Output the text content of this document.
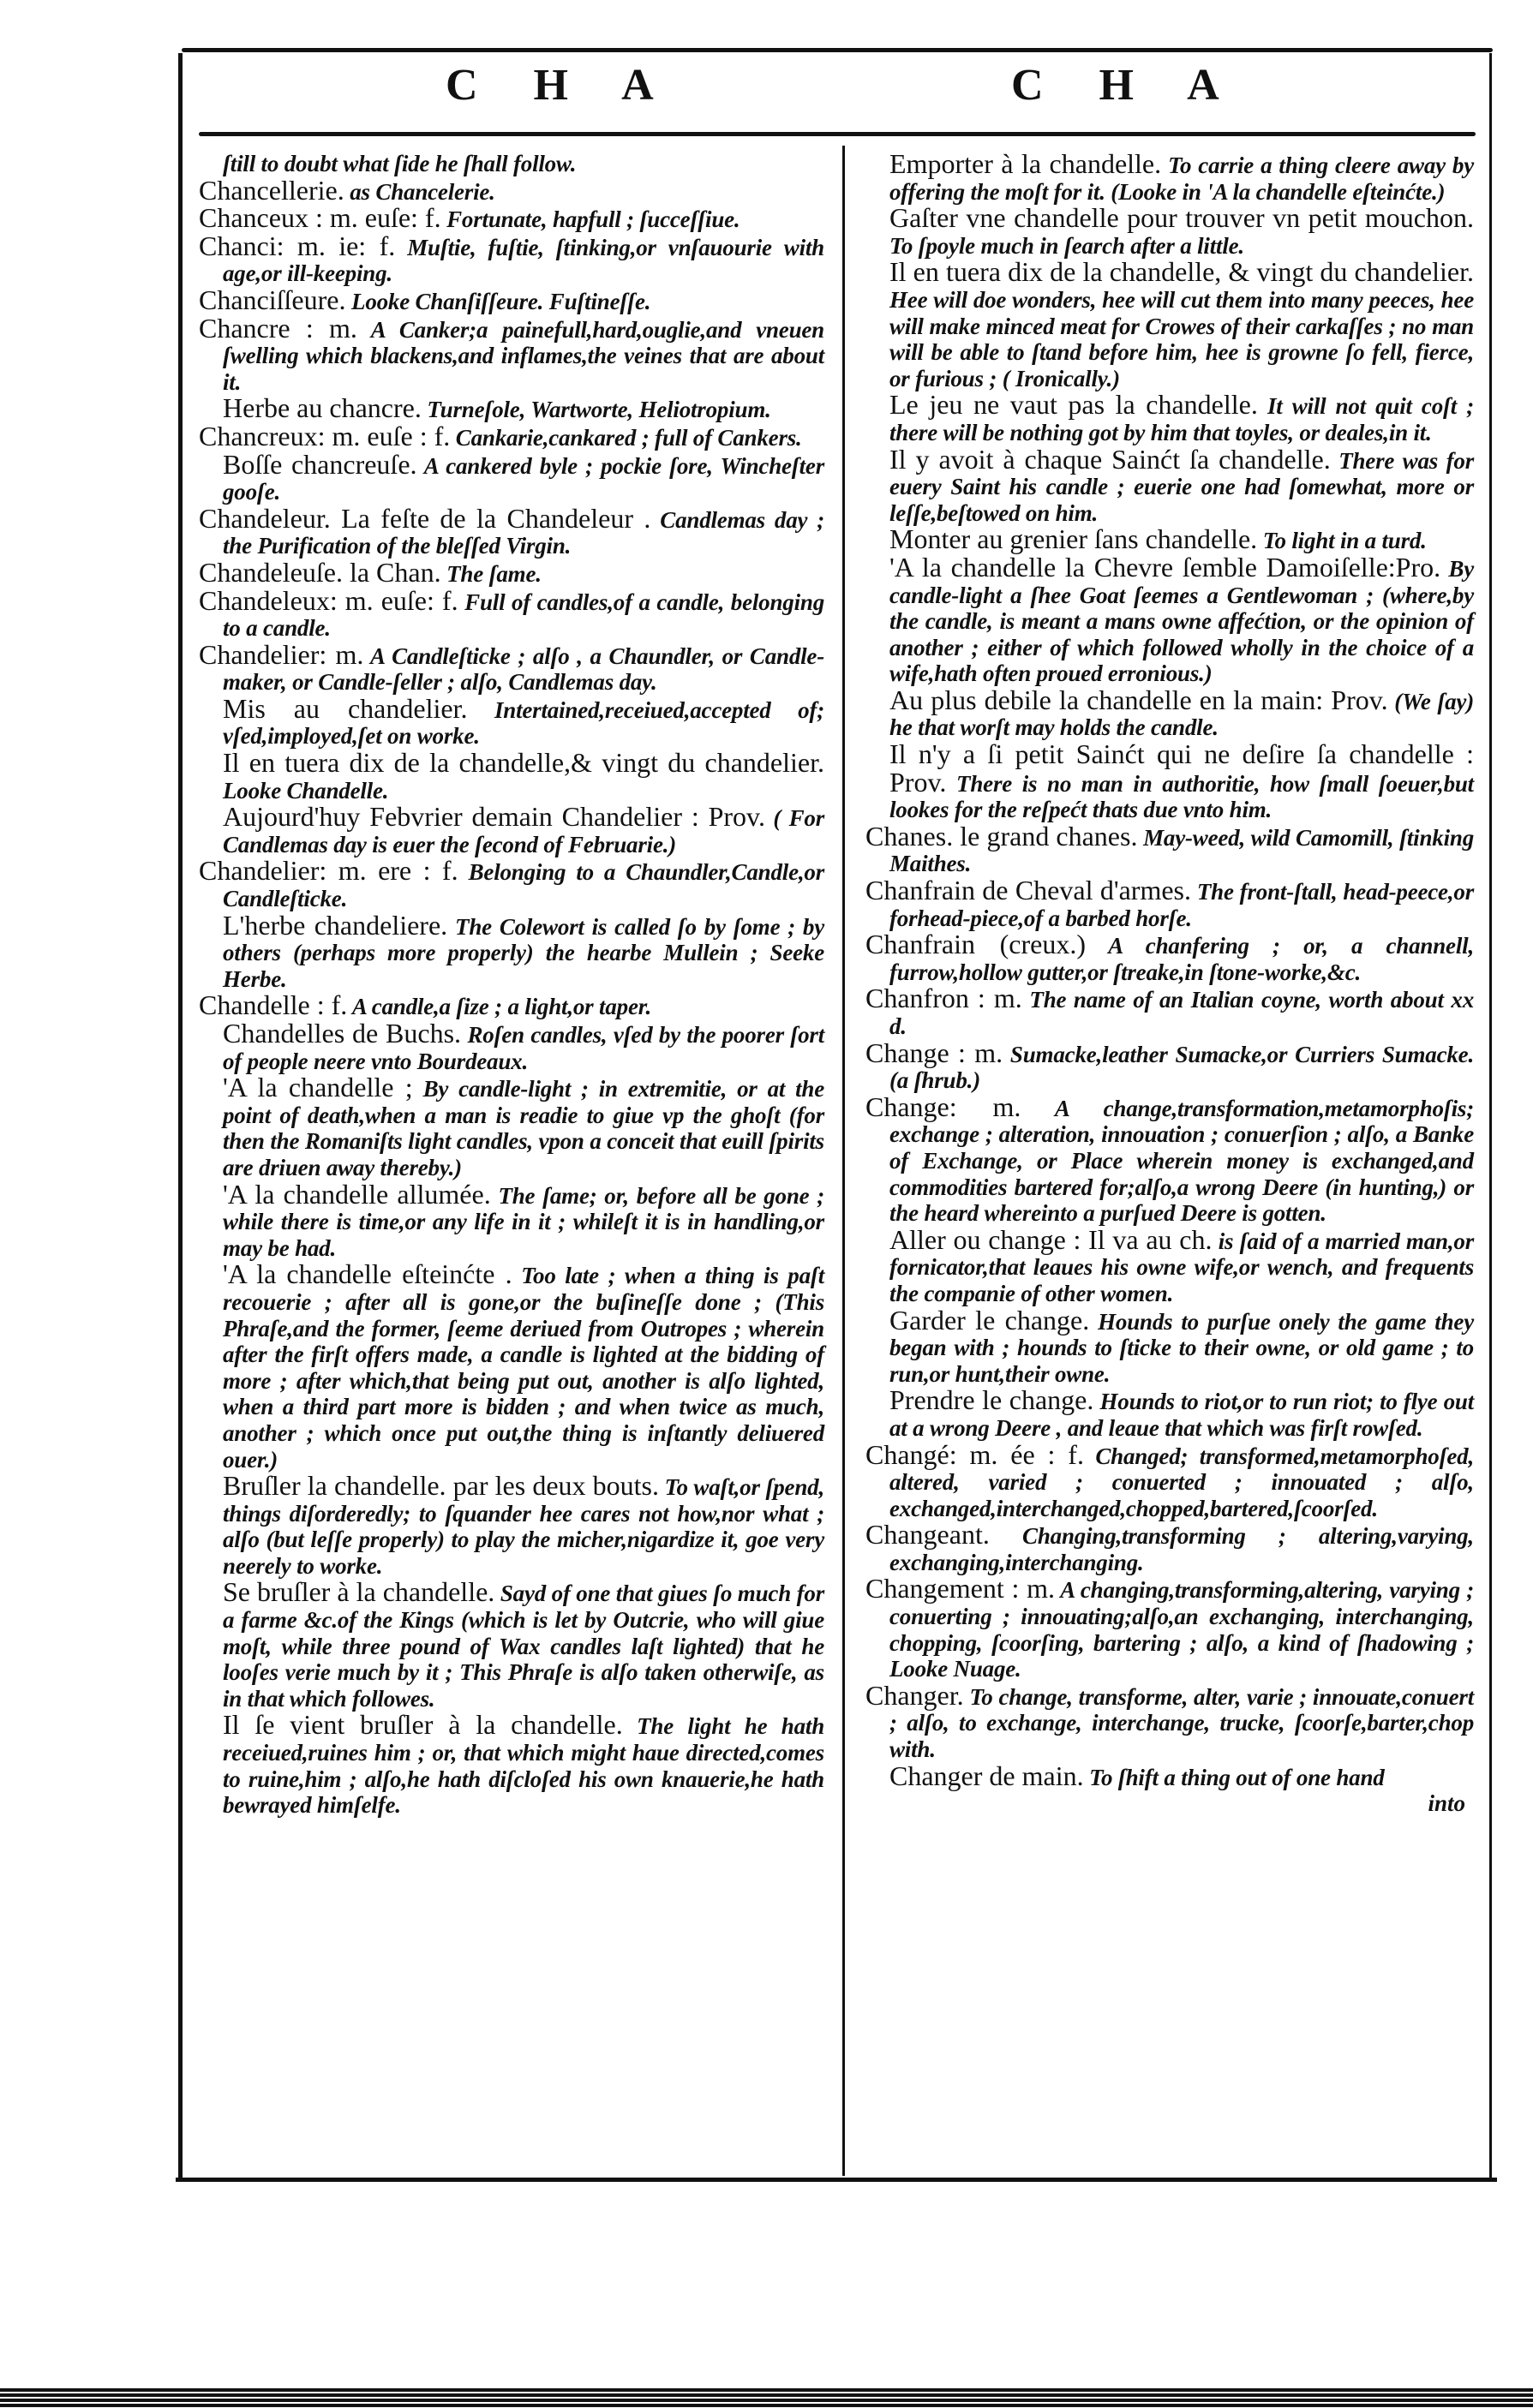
C H A	C H A

ſtill to doubt what ſide he ſhall follow.

Chancellerie. as Chancelerie.

Chanceux : m. euſe: f. Fortunate, hapfull ; ſucceſſiue.

Chanci: m. ie: f. Muſtie, fuſtie, ſtinking,or vnſauourie with age,or ill-keeping.

Chanciſſeure. Looke Chanſiſſeure. Fuſtineſſe.

Chancre : m. A Canker;a painefull,hard,ouglie,and vneuen ſwelling which blackens,and inflames,the veines that are about it.

Herbe au chancre. Turneſole, Wartworte, Heliotropium.

Chancreux: m. euſe : f. Cankarie,cankared ; full of Cankers.

Boſſe chancreuſe. A cankered byle ; pockie ſore, Wincheſter gooſe.

Chandeleur. La feſte de la Chandeleur . Candlemas day ; the Purification of the bleſſed Virgin.

Chandeleuſe. la Chan. The ſame.

Chandeleux: m. euſe: f. Full of candles,of a candle, belonging to a candle.

Chandelier: m. A Candleſticke ; alſo , a Chaundler, or Candle-maker, or Candle-ſeller ; alſo, Candlemas day.

Mis au chandelier. Intertained,receiued,accepted of; vſed,imployed,ſet on worke.

Il en tuera dix de la chandelle,& vingt du chandelier. Looke Chandelle.

Aujourd'huy Febvrier demain Chandelier : Prov. ( For Candlemas day is euer the ſecond of Februarie.)

Chandelier: m. ere : f. Belonging to a Chaundler,Candle,or Candleſticke.

L'herbe chandeliere. The Colewort is called ſo by ſome ; by others (perhaps more properly) the hearbe Mullein ; Seeke Herbe.

Chandelle : f. A candle,a ſize ; a light,or taper.

Chandelles de Buchs. Roſen candles, vſed by the poorer ſort of people neere vnto Bourdeaux.

'A la chandelle ; By candle-light ; in extremitie, or at the point of death,when a man is readie to giue vp the ghoſt (for then the Romaniſts light candles, vpon a conceit that euill ſpirits are driuen away thereby.)

'A la chandelle allumée. The ſame; or, before all be gone ; while there is time,or any life in it ; whileſt it is in handling,or may be had.

'A la chandelle eſteinćte . Too late ; when a thing is paſt recouerie ; after all is gone,or the buſineſſe done ; (This Phraſe,and the former, ſeeme deriued from Outropes ; wherein after the firſt offers made, a candle is lighted at the bidding of more ; after which,that being put out, another is alſo lighted, when a third part more is bidden ; and when twice as much, another ; which once put out,the thing is inſtantly deliuered ouer.)

Bruſler la chandelle. par les deux bouts. To waſt,or ſpend, things diſorderedly; to ſquander hee cares not how,nor what ; alſo (but leſſe properly) to play the micher,nigardize it, goe very neerely to worke.

Se bruſler à la chandelle. Sayd of one that giues ſo much for a farme &c.of the Kings (which is let by Outcrie, who will giue moſt, while three pound of Wax candles laſt lighted) that he looſes verie much by it ; This Phraſe is alſo taken otherwiſe, as in that which followes.

Il ſe vient bruſler à la chandelle. The light he hath receiued,ruines him ; or, that which might haue directed,comes to ruine,him ; alſo,he hath diſcloſed his own knauerie,he hath bewrayed himſelfe.

Emporter à la chandelle. To carrie a thing cleere away by offering the moſt for it. (Looke in 'A la chandelle eſteinćte.)

Gaſter vne chandelle pour trouver vn petit mouchon. To ſpoyle much in ſearch after a little.

Il en tuera dix de la chandelle, & vingt du chandelier. Hee will doe wonders, hee will cut them into many peeces, hee will make minced meat for Crowes of their carkaſſes ; no man will be able to ſtand before him, hee is growne ſo fell, fierce, or furious ; ( Ironically.)

Le jeu ne vaut pas la chandelle. It will not quit coſt ; there will be nothing got by him that toyles, or deales,in it.

Il y avoit à chaque Sainćt ſa chandelle. There was for euery Saint his candle ; euerie one had ſomewhat, more or leſſe,beſtowed on him.

Monter au grenier ſans chandelle. To light in a turd.

'A la chandelle la Chevre ſemble Damoiſelle:Pro. By candle-light a ſhee Goat ſeemes a Gentlewoman ; (where,by the candle, is meant a mans owne affećtion, or the opinion of another ; either of which followed wholly in the choice of a wife,hath often proued erronious.)

Au plus debile la chandelle en la main: Prov. (We ſay) he that worſt may holds the candle.

Il n'y a ſi petit Sainćt qui ne deſire ſa chandelle : Prov. There is no man in authoritie, how ſmall ſoeuer,but lookes for the reſpećt thats due vnto him.

Chanes. le grand chanes. May-weed, wild Camomill, ſtinking Maithes.

Chanfrain de Cheval d'armes. The front-ſtall, head-peece,or forhead-piece,of a barbed horſe.

Chanfrain (creux.) A chanfering ; or, a channell, furrow,hollow gutter,or ſtreake,in ſtone-worke,&c.

Chanfron : m. The name of an Italian coyne, worth about xx d.

Change : m. Sumacke,leather Sumacke,or Curriers Sumacke.(a ſhrub.)

Change: m. A change,transformation,metamorphoſis; exchange ; alteration, innouation ; conuerſion ; alſo, a Banke of Exchange, or Place wherein money is exchanged,and commodities bartered for;alſo,a wrong Deere (in hunting,) or the heard whereinto a purſued Deere is gotten.

Aller ou change : Il va au ch. is ſaid of a married man,or fornicator,that leaues his owne wife,or wench, and frequents the companie of other women.

Garder le change. Hounds to purſue onely the game they began with ; hounds to ſticke to their owne, or old game ; to run,or hunt,their owne.

Prendre le change. Hounds to riot,or to run riot; to flye out at a wrong Deere , and leaue that which was firſt rowſed.

Changé: m. ée : f. Changed; transformed,metamorphoſed, altered, varied ; conuerted ; innouated ; alſo, exchanged,interchanged,chopped,bartered,ſcoorſed.

Changeant. Changing,transforming ; altering,varying, exchanging,interchanging.

Changement : m. A changing,transforming,altering, varying ; conuerting ; innouating;alſo,an exchanging, interchanging, chopping, ſcoorſing, bartering ; alſo, a kind of ſhadowing ; Looke Nuage.

Changer. To change, transforme, alter, varie ; innouate,conuert ; alſo, to exchange, interchange, trucke, ſcoorſe,barter,chop with.

Changer de main. To ſhift a thing out of one hand

into
